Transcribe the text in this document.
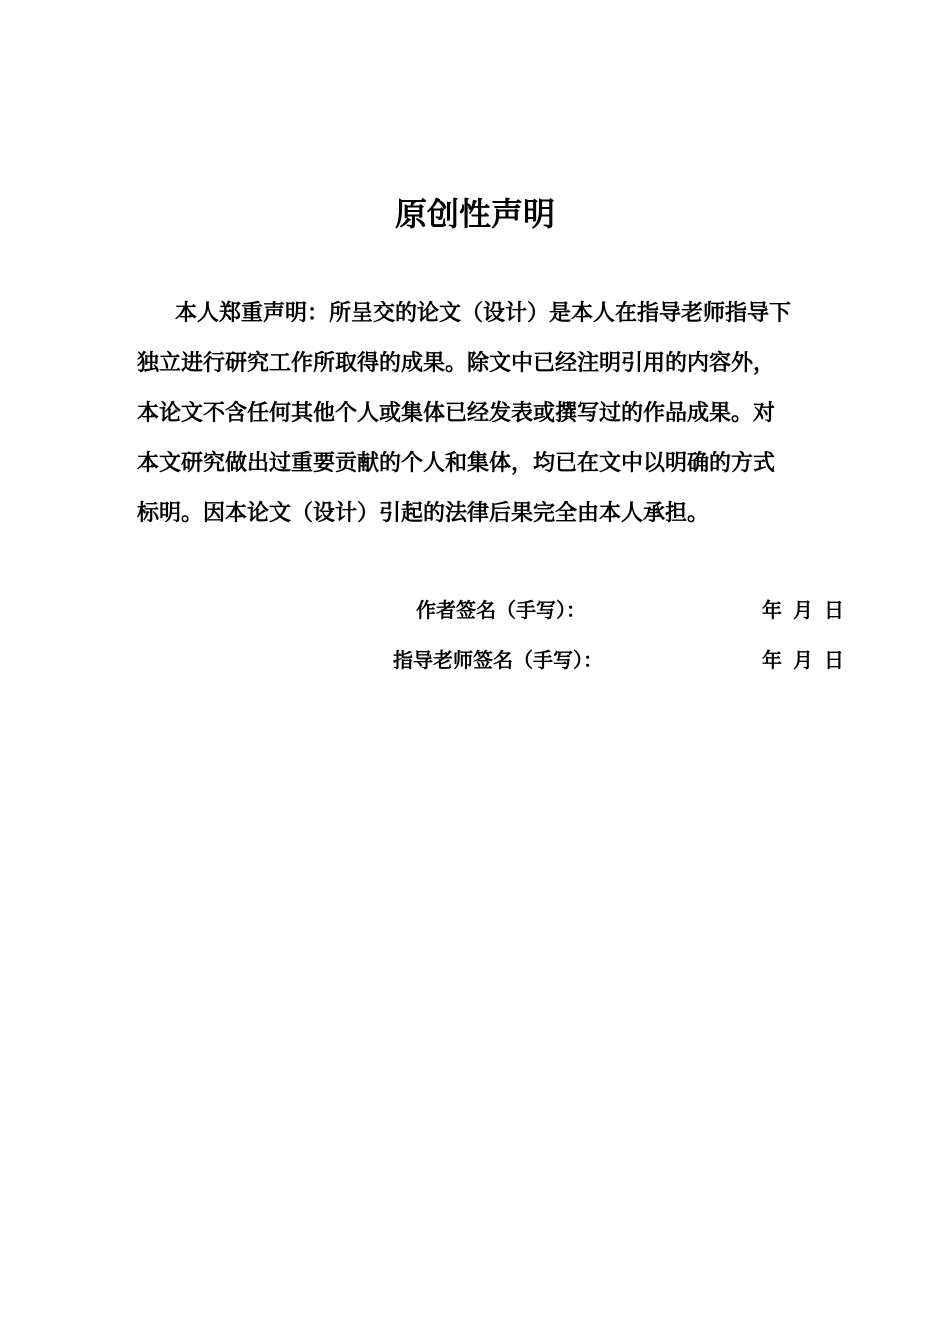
原创性声明
本人郑重声明：所呈交的论文（设计）是本人在指导老师指导下
独立进行研究工作所取得的成果。除文中已经注明引用的内容外，
本论文不含任何其他个人或集体已经发表或撰写过的作品成果。对
本文研究做出过重要贡献的个人和集体，均已在文中以明确的方式
标明。因本论文（设计）引起的法律后果完全由本人承担。
作者签名（手写）：	年 月 日
指导老师签名（手写）：	年 月 日
